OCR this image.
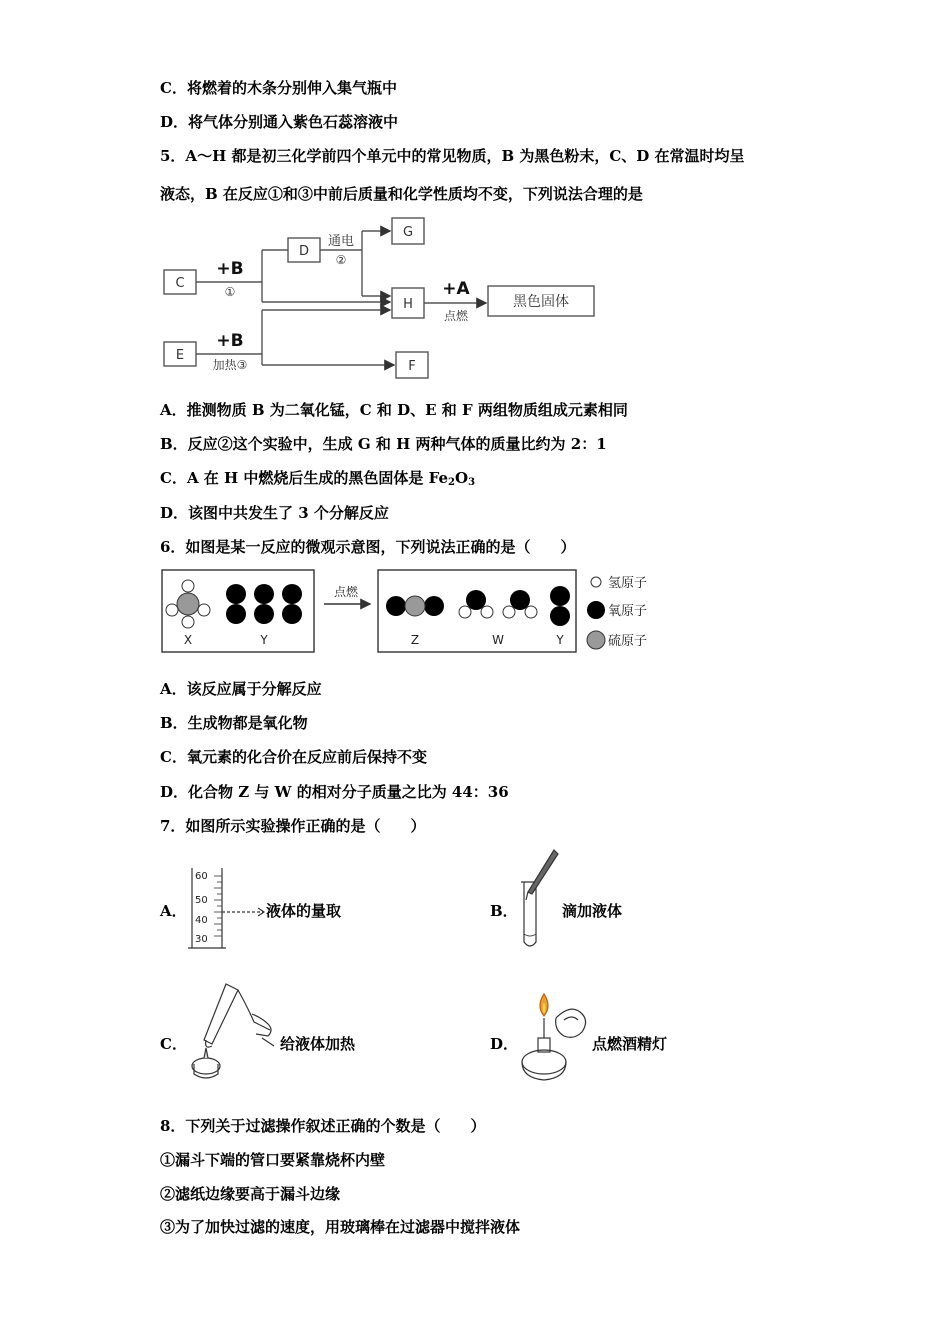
C．将燃着的木条分别伸入集气瓶中
D．将气体分别通入紫色石蕊溶液中
5．A～H 都是初三化学前四个单元中的常见物质，B 为黑色粉末，C、D 在常温时均呈
液态，B 在反应①和③中前后质量和化学性质均不变，下列说法合理的是
C
E
D
G
H
F
黑色固体
+B
①
+B
加热③
通电
②
+A
点燃
A．推测物质 B 为二氧化锰，C 和 D、E 和 F 两组物质组成元素相同
B．反应②这个实验中，生成 G 和 H 两种气体的质量比约为 2：1
C．A 在 H 中燃烧后生成的黑色固体是 $Fe_2O_3$
D．该图中共发生了 3 个分解反应
6．如图是某一反应的微观示意图，下列说法正确的是（　　）
X	Y	Z	W	Y
点燃
氢原子
氧原子
硫原子
A．该反应属于分解反应
B．生成物都是氧化物
C．氧元素的化合价在反应前后保持不变
D．化合物 Z 与 W 的相对分子质量之比为 44：36
7．如图所示实验操作正确的是（　　）
A．
60
50
40
30
液体的量取	B．	滴加液体
C．	给液体加热	D．	点燃酒精灯
8．下列关于过滤操作叙述正确的个数是（　　）
①漏斗下端的管口要紧靠烧杯内壁
②滤纸边缘要高于漏斗边缘
③为了加快过滤的速度，用玻璃棒在过滤器中搅拌液体
